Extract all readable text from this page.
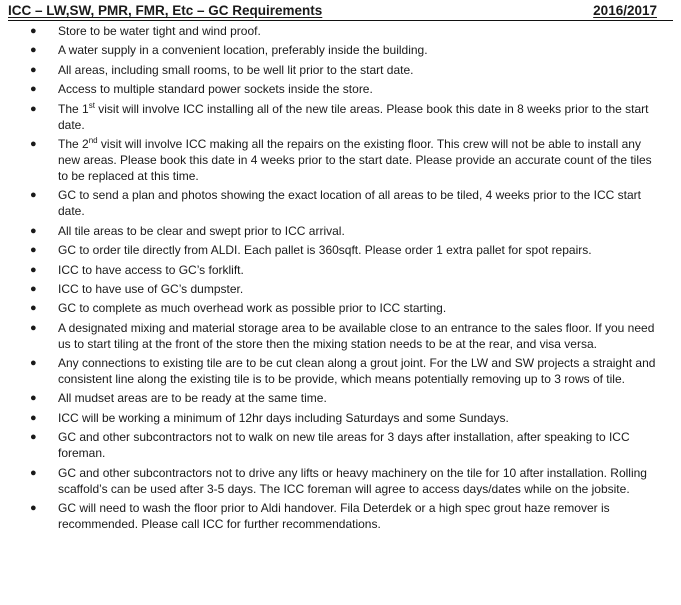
ICC – LW,SW, PMR, FMR, Etc – GC Requirements	2016/2017
● Store to be water tight and wind proof.
● A water supply in a convenient location, preferably inside the building.
● All areas, including small rooms, to be well lit prior to the start date.
● Access to multiple standard power sockets inside the store.
● The 1st visit will involve ICC installing all of the new tile areas. Please book this date in 8 weeks prior to the start date.
● The 2nd visit will involve ICC making all the repairs on the existing floor. This crew will not be able to install any new areas. Please book this date in 4 weeks prior to the start date. Please provide an accurate count of the tiles to be replaced at this time.
● GC to send a plan and photos showing the exact location of all areas to be tiled, 4 weeks prior to the ICC start date.
● All tile areas to be clear and swept prior to ICC arrival.
● GC to order tile directly from ALDI. Each pallet is 360sqft. Please order 1 extra pallet for spot repairs.
● ICC to have access to GC’s forklift.
● ICC to have use of GC’s dumpster.
● GC to complete as much overhead work as possible prior to ICC starting.
● A designated mixing and material storage area to be available close to an entrance to the sales floor. If you need us to start tiling at the front of the store then the mixing station needs to be at the rear, and visa versa.
● Any connections to existing tile are to be cut clean along a grout joint. For the LW and SW projects a straight and consistent line along the existing tile is to be provide, which means potentially removing up to 3 rows of tile.
● All mudset areas are to be ready at the same time.
● ICC will be working a minimum of 12hr days including Saturdays and some Sundays.
● GC and other subcontractors not to walk on new tile areas for 3 days after installation, after speaking to ICC foreman.
● GC and other subcontractors not to drive any lifts or heavy machinery on the tile for 10 after installation. Rolling scaffold’s can be used after 3-5 days. The ICC foreman will agree to access days/dates while on the jobsite.
● GC will need to wash the floor prior to Aldi handover. Fila Deterdek or a high spec grout haze remover is recommended. Please call ICC for further recommendations.
